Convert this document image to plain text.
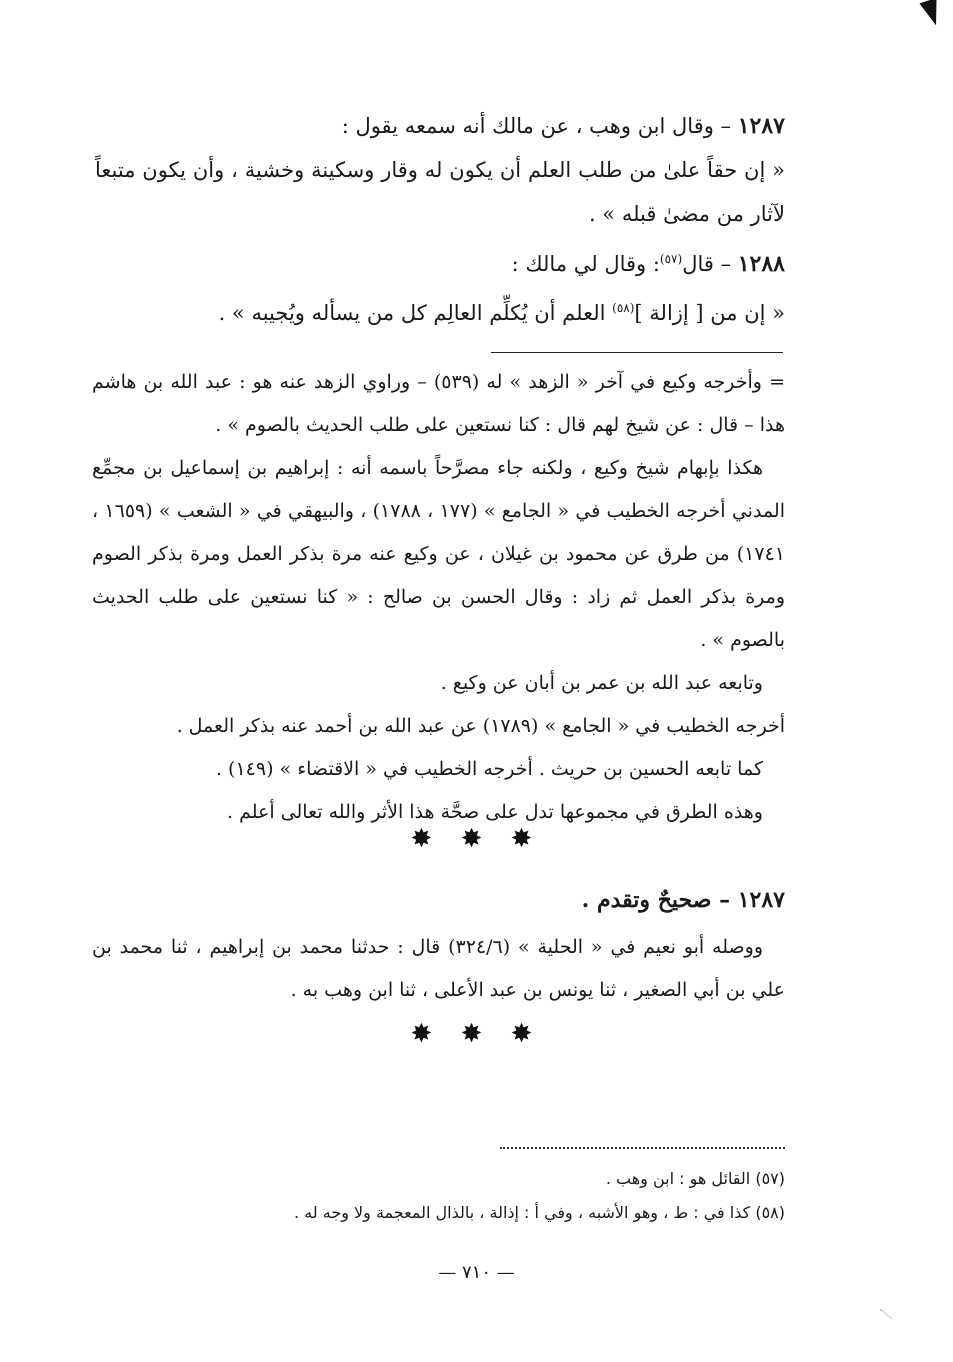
١٢٨٧ – وقال ابن وهب ، عن مالك أنه سمعه يقول :

« إن حقاً علىٰ من طلب العلم أن يكون له وقار وسكينة وخشية ، وأن يكون متبعاً لآثار من مضىٰ قبله » .

١٢٨٨ – قال$^{(٥٧)}$: وقال لي مالك :

« إن من [ إزالة ]$^{(٥٨)}$ العلم أن يُكلِّم العالِم كل من يسأله ويُجيبه » .

= وأخرجه وكيع في آخر « الزهد » له (٥٣٩) – وراوي الزهد عنه هو : عبد الله بن هاشم هذا – قال : عن شيخ لهم قال : كنا نستعين على طلب الحديث بالصوم » .

هكذا بإبهام شيخ وكيع ، ولكنه جاء مصرَّحاً باسمه أنه : إبراهيم بن إسماعيل بن مجمِّع المدني أخرجه الخطيب في « الجامع » (١٧٧ ، ١٧٨٨) ، والبيهقي في « الشعب » (١٦٥٩ ، ١٧٤١) من طرق عن محمود بن غيلان ، عن وكيع عنه مرة بذكر العمل ومرة بذكر الصوم ومرة بذكر العمل ثم زاد : وقال الحسن بن صالح : « كنا نستعين على طلب الحديث بالصوم » .

وتابعه عبد الله بن عمر بن أبان عن وكيع .

أخرجه الخطيب في « الجامع » (١٧٨٩) عن عبد الله بن أحمد عنه بذكر العمل .

كما تابعه الحسين بن حريث . أخرجه الخطيب في « الاقتضاء » (١٤٩) .

وهذه الطرق في مجموعها تدل على صحَّة هذا الأثر والله تعالى أعلم .

✸ ✸ ✸

١٢٨٧ – صحيحٌ وتقدم .

ووصله أبو نعيم في « الحلية » (٣٢٤/٦) قال : حدثنا محمد بن إبراهيم ، ثنا محمد بن علي بن أبي الصغير ، ثنا يونس بن عبد الأعلى ، ثنا ابن وهب به .

✸ ✸ ✸

(٥٧) القائل هو : ابن وهب .

(٥٨) كذا في : ط ، وهو الأشبه ، وفي أ : إذالة ، بالذال المعجمة ولا وجه له .

— ٧١٠ —
